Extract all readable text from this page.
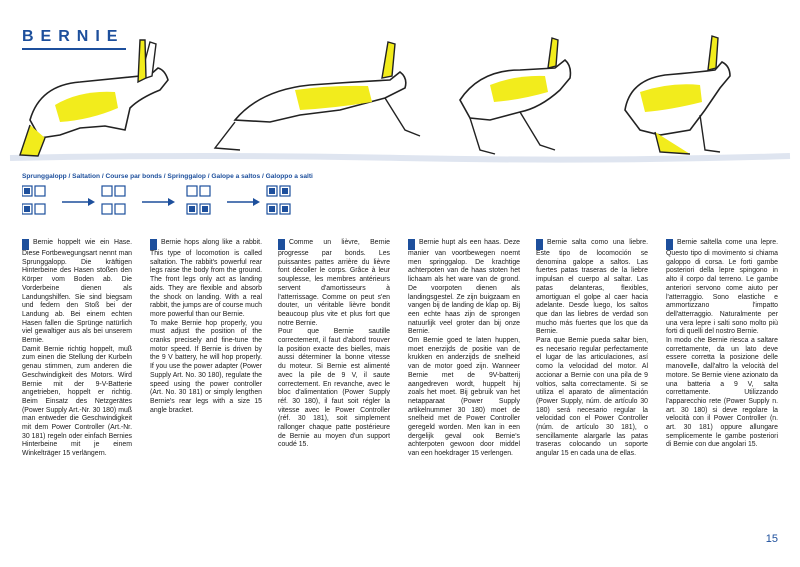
BERNIE
Sprunggalopp / Saltation / Course par bonds / Springgalop / Galope a saltos / Galoppo a salti

Bernie hoppelt wie ein Hase. Diese Fortbewegungsart nennt man Sprunggalopp. Die kräftigen Hinterbeine des Hasen stoßen den Körper vom Boden ab. Die Vorderbeine dienen als Landungshilfen. Sie sind biegsam und federn den Stoß bei der Landung ab. Bei einem echten Hasen fallen die Sprünge natürlich viel gewaltiger aus als bei unserem Bernie.

Damit Bernie richtig hoppelt, muß zum einen die Stellung der Kurbeln genau stimmen, zum anderen die Geschwindigkeit des Motors. Wird Bernie mit der 9-V-Batterie angetrieben, hoppelt er richtig. Beim Einsatz des Netzgerätes (Power Supply Art.-Nr. 30 180) muß man entweder die Geschwindigkeit mit dem Power Controller (Art.-Nr. 30 181) regeln oder einfach Bernies Hinterbeine mit je einem Winkelträger 15 verlängern.

Bernie hops along like a rabbit. This type of locomotion is called saltation. The rabbit's powerful rear legs raise the body from the ground. The front legs only act as landing aids. They are flexible and absorb the shock on landing. With a real rabbit, the jumps are of course much more powerful than our Bernie.

To make Bernie hop properly, you must adjust the position of the cranks precisely and fine-tune the motor speed. If Bernie is driven by the 9 V battery, he will hop properly. If you use the power adapter (Power Supply Art. No. 30 180), regulate the speed using the power controller (Art. No. 30 181) or simply lengthen Bernie's rear legs with a size 15 angle bracket.

Comme un lièvre, Bernie progresse par bonds. Les puissantes pattes arrière du lièvre font décoller le corps. Grâce à leur souplesse, les membres antérieurs servent d'amortisseurs à l'atterrissage. Comme on peut s'en douter, un véritable lièvre bondit beaucoup plus vite et plus fort que notre Bernie.

Pour que Bernie sautille correctement, il faut d'abord trouver la position exacte des bielles, mais aussi déterminer la bonne vitesse du moteur. Si Bernie est alimenté avec la pile de 9 V, il saute correctement. En revanche, avec le bloc d'alimentation (Power Supply réf. 30 180), il faut soit régler la vitesse avec le Power Controller (réf. 30 181), soit simplement rallonger chaque patte postérieure de Bernie au moyen d'un support coudé 15.

Bernie hupt als een haas. Deze manier van voortbewegen noemt men springgalop. De krachtige achterpoten van de haas stoten het lichaam als het ware van de grond. De voorpoten dienen als landingsgestel. Ze zijn buigzaam en vangen bij de landing de klap op. Bij een echte haas zijn de sprongen natuurlijk veel groter dan bij onze Bernie.

Om Bernie goed te laten huppen, moet enerzijds de positie van de krukken en anderzijds de snelheid van de motor goed zijn. Wanneer Bernie met de 9V-batterij aangedreven wordt, huppelt hij zoals het moet. Bij gebruik van het netapparaat (Power Supply artikelnummer 30 180) moet de snelheid met de Power Controller geregeld worden. Men kan in een dergelijk geval ook Bernie's achterpoten gewoon door middel van een hoekdrager 15 verlengen.

Bernie salta como una liebre. Este tipo de locomoción se denomina galope a saltos. Las fuertes patas traseras de la liebre impulsan el cuerpo al saltar. Las patas delanteras, flexibles, amortiguan el golpe al caer hacia adelante. Desde luego, los saltos que dan las liebres de verdad son mucho más fuertes que los que da Bernie.

Para que Bernie pueda saltar bien, es necesario regular perfectamente el lugar de las articulaciones, así como la velocidad del motor. Al accionar a Bernie con una pila de 9 voltios, salta correctamente. Si se utiliza el aparato de alimentación (Power Supply, núm. de artículo 30 180) será necesario regular la velocidad con el Power Controller (núm. de artículo 30 181), o sencillamente alargarle las patas traseras colocando un soporte angular 15 en cada una de ellas.

Bernie saltella come una lepre. Questo tipo di movimento si chiama galoppo di corsa. Le forti gambe posteriori della lepre spingono in alto il corpo dal terreno. Le gambe anteriori servono come aiuto per l'atterraggio. Sono elastiche e ammortizzano l'impatto dell'atterraggio. Naturalmente per una vera lepre i salti sono molto più forti di quelli del nostro Bernie.

In modo che Bernie riesca a saltare correttamente, da un lato deve essere corretta la posizione delle manovelle, dall'altro la velocità del motore. Se Bernie viene azionato da una batteria a 9 V, salta correttamente. Utilizzando l'apparecchio rete (Power Supply n. art. 30 180) si deve regolare la velocità con il Power Controller (n. art. 30 181) oppure allungare semplicemente le gambe posteriori di Bernie con due angolari 15.

15
